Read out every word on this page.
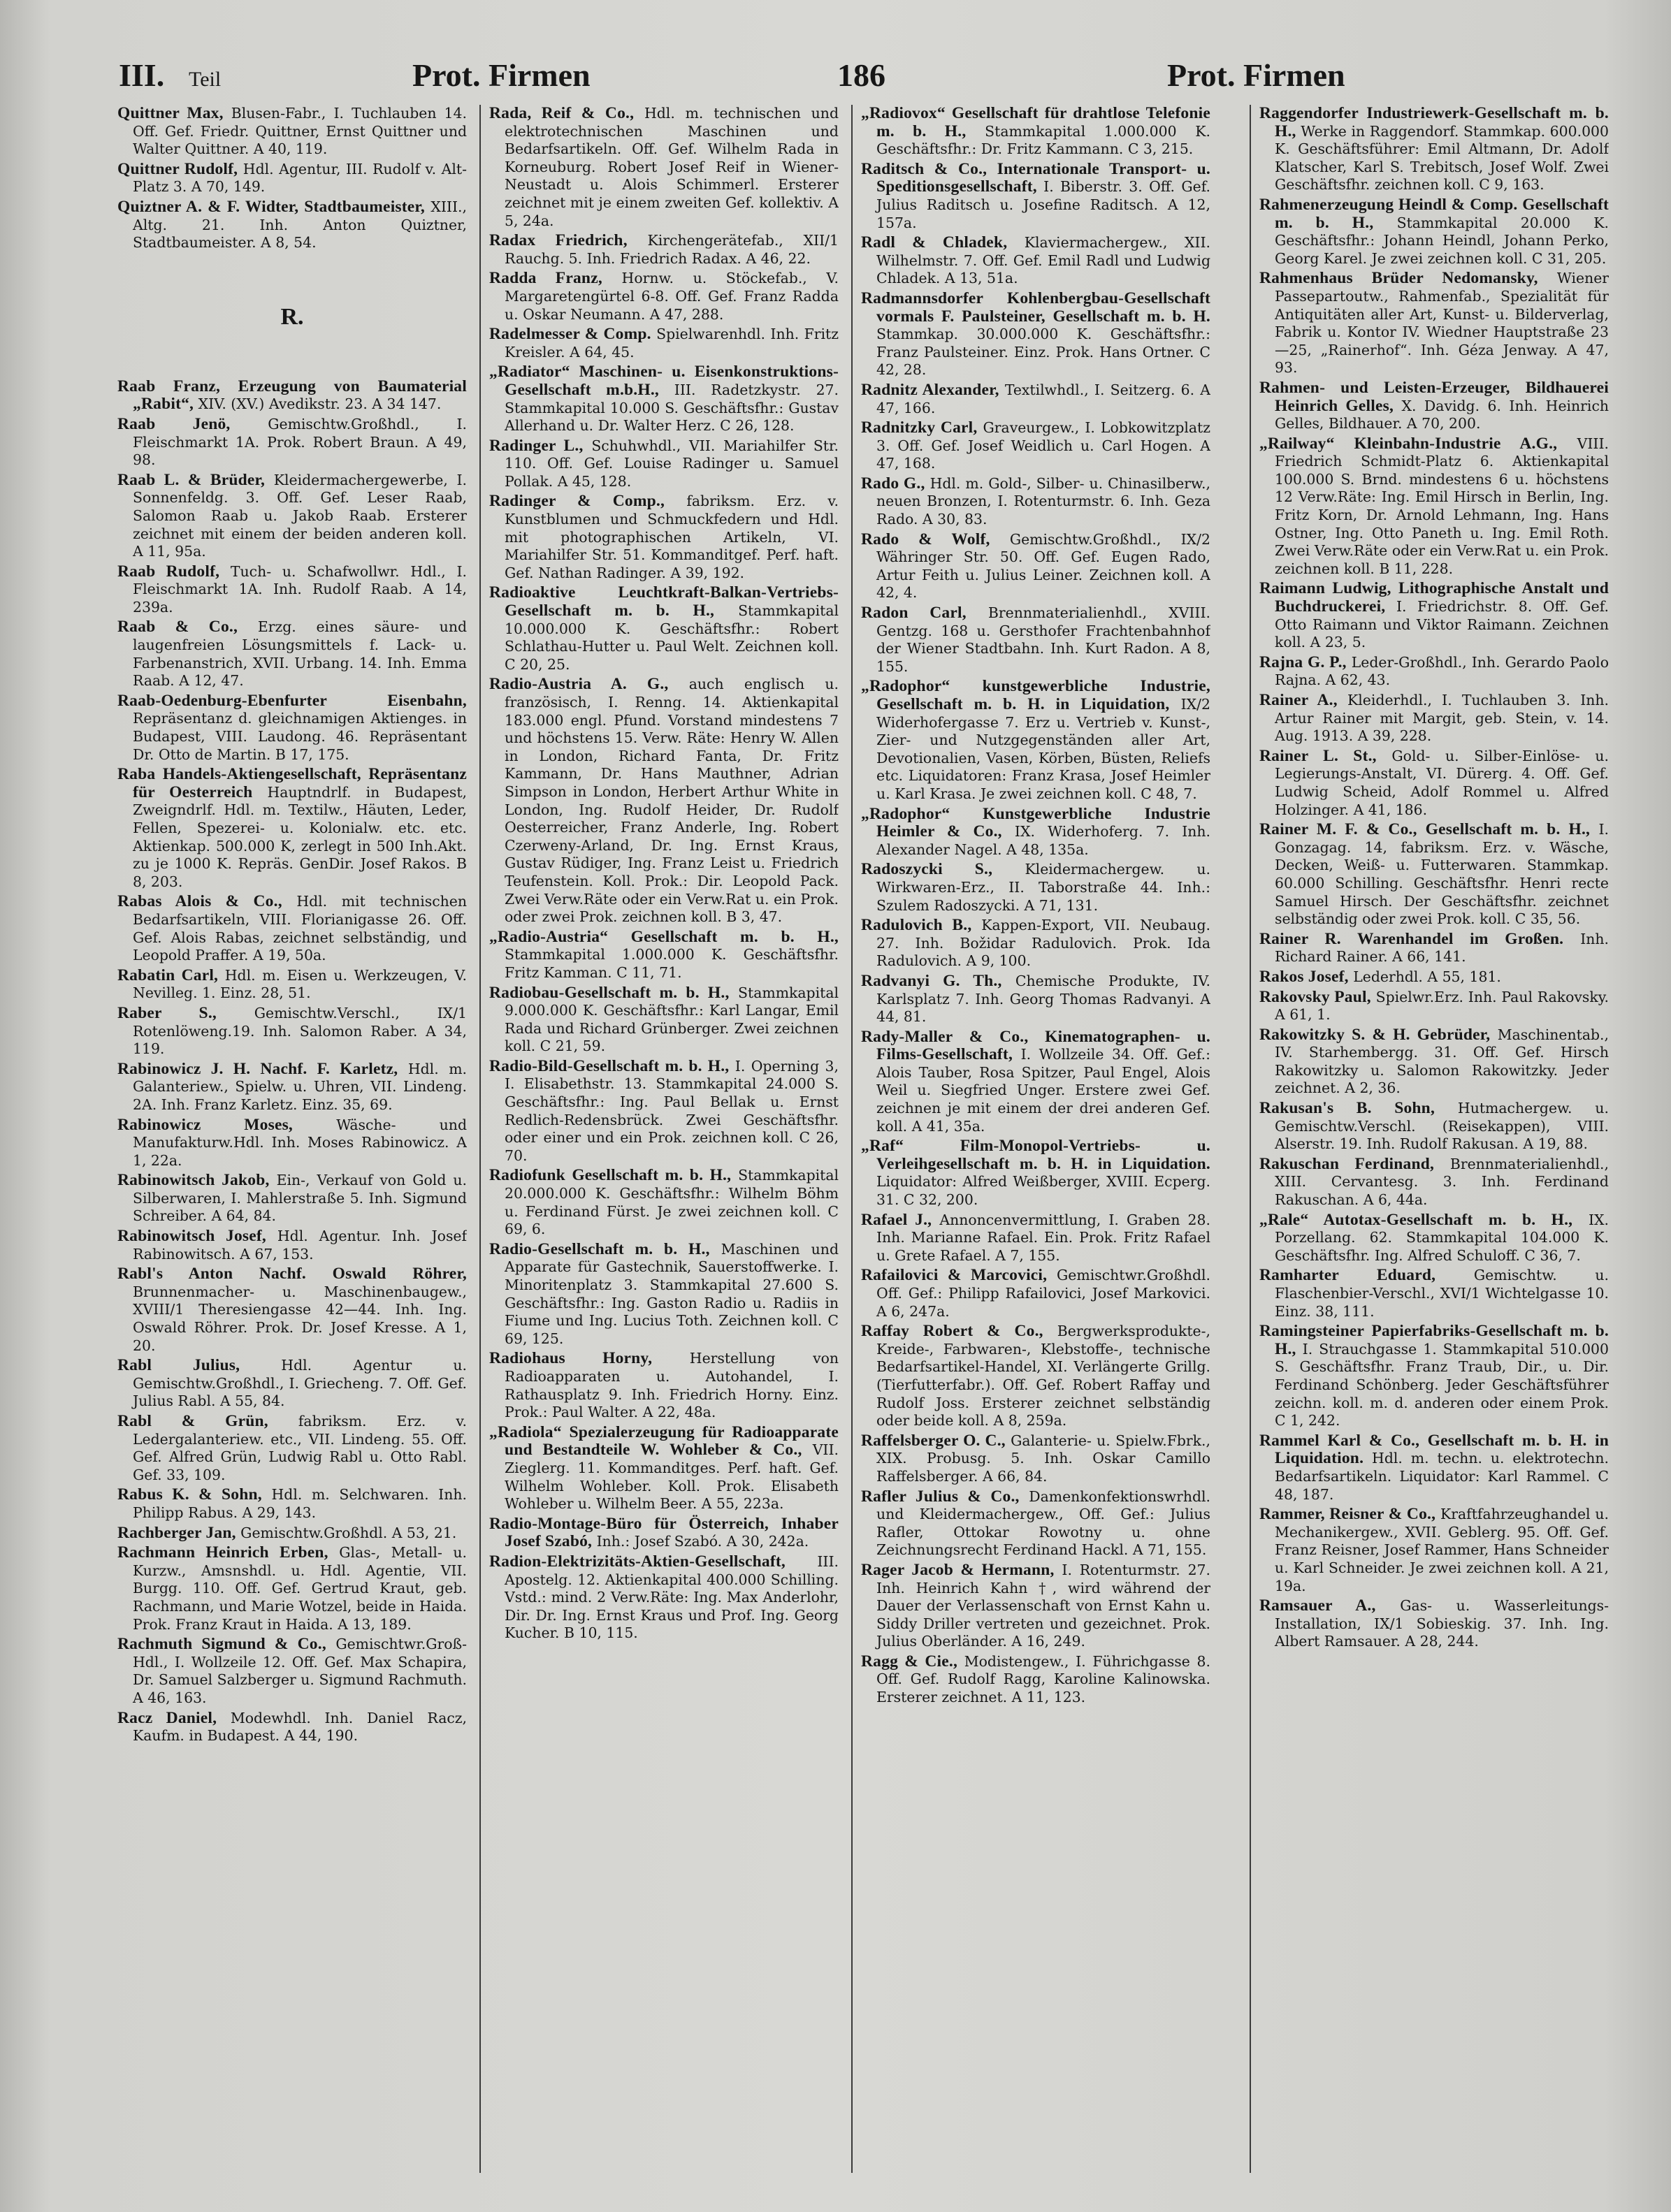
III. Teil	Prot. Firmen	186	Prot. Firmen

Quittner Max, Blusen-Fabr., I. Tuchlauben 14. Off. Gef. Friedr. Quittner, Ernst Quittner und Walter Quittner. A 40, 119.

Quittner Rudolf, Hdl. Agentur, III. Rudolf v. Alt-Platz 3. A 70, 149.

Quiztner A. & F. Widter, Stadtbaumeister, XIII., Altg. 21. Inh. Anton Quiztner, Stadtbaumeister. A 8, 54.

R.

Raab Franz, Erzeugung von Baumaterial „Rabit“, XIV. (XV.) Avedikstr. 23. A 34 147.

Raab Jenö,	Gemischtw.Großhdl., I. Fleischmarkt 1A. Prok. Robert Braun. A 49, 98.

Raab L. & Brüder, Kleidermachergewerbe, I. Sonnenfeldg. 3. Off. Gef. Leser Raab, Salomon Raab u. Jakob Raab. Ersterer zeichnet mit einem der beiden anderen koll. A 11, 95a.

Raab Rudolf, Tuch- u. Schafwollwr. Hdl., I. Fleischmarkt 1A. Inh. Rudolf Raab. A 14, 239a.

Raab & Co., Erzg. eines säure- und laugenfreien Lösungsmittels f. Lack- u. Farbenanstrich, XVII. Urbang. 14. Inh. Emma Raab. A 12, 47.

Raab-Oedenburg-Ebenfurter Eisenbahn, Repräsentanz d. gleichnamigen Aktienges. in Budapest, VIII. Laudong. 46. Repräsentant Dr. Otto de Martin. B 17, 175.

Raba Handels-Aktiengesellschaft, Repräsentanz für Oesterreich Hauptndrlf. in Budapest, Zweigndrlf. Hdl. m. Textilw., Häuten, Leder, Fellen, Spezerei- u. Kolonialw. etc. etc. Aktienkap. 500.000 K, zerlegt in 500 Inh.Akt. zu je 1000 K. Repräs. GenDir. Josef Rakos. B 8, 203.

Rabas Alois & Co., Hdl. mit technischen Bedarfsartikeln, VIII. Florianigasse 26. Off. Gef. Alois Rabas, zeichnet selbständig, und Leopold Praffer. A 19, 50a.

Rabatin Carl, Hdl. m. Eisen u. Werkzeugen, V. Nevilleg. 1. Einz. 28, 51.

Raber S.,	Gemischtw.Verschl., IX/1 Rotenlöweng.19. Inh. Salomon Raber. A 34, 119.

Rabinowicz J. H. Nachf. F. Karletz, Hdl. m. Galanteriew., Spielw. u. Uhren, VII. Lindeng. 2A. Inh. Franz Karletz. Einz. 35, 69.

Rabinowicz Moses,	Wäsche- und Manufakturw.Hdl. Inh. Moses Rabinowicz. A 1, 22a.

Rabinowitsch Jakob, Ein-, Verkauf von Gold u. Silberwaren, I. Mahlerstraße 5. Inh. Sigmund Schreiber. A 64, 84.

Rabinowitsch Josef, Hdl. Agentur. Inh. Josef Rabinowitsch. A 67, 153.

Rabl's Anton Nachf. Oswald Röhrer, Brunnenmacher- u. Maschinenbaugew., XVIII/1 Theresiengasse 42—44. Inh. Ing. Oswald Röhrer. Prok. Dr. Josef Kresse. A 1, 20.

Rabl Julius,	Hdl. Agentur u. Gemischtw.Großhdl., I. Griecheng. 7. Off. Gef. Julius Rabl. A 55, 84.

Rabl & Grün, fabriksm. Erz. v. Ledergalanteriew. etc., VII. Lindeng. 55. Off. Gef. Alfred Grün, Ludwig Rabl u. Otto Rabl. Gef. 33, 109.

Rabus K. & Sohn, Hdl. m. Selchwaren. Inh. Philipp Rabus. A 29, 143.

Rachberger Jan, Gemischtw.Großhdl. A 53, 21.

Rachmann Heinrich Erben, Glas-, Metall- u. Kurzw., Amsnshdl. u. Hdl. Agentie, VII. Burgg. 110. Off. Gef. Gertrud Kraut, geb. Rachmann, und Marie Wotzel, beide in Haida. Prok. Franz Kraut in Haida. A 13, 189.

Rachmuth Sigmund & Co., Gemischtwr.Groß-Hdl., I. Wollzeile 12. Off. Gef. Max Schapira, Dr. Samuel Salzberger u. Sigmund Rachmuth. A 46, 163.

Racz Daniel, Modewhdl. Inh. Daniel Racz, Kaufm. in Budapest. A 44, 190.

Rada, Reif & Co., Hdl. m. technischen und elektrotechnischen Maschinen und Bedarfsartikeln. Off. Gef. Wilhelm Rada in Korneuburg. Robert Josef Reif in Wiener-Neustadt u. Alois Schimmerl. Ersterer zeichnet mit je einem zweiten Gef. kollektiv. A 5, 24a.

Radax Friedrich, Kirchengerätefab., XII/1 Rauchg. 5. Inh. Friedrich Radax. A 46, 22.

Radda Franz, Hornw. u. Stöckefab., V. Margaretengürtel 6-8. Off. Gef. Franz Radda u. Oskar Neumann. A 47, 288.

Radelmesser & Comp. Spielwarenhdl. Inh. Fritz Kreisler. A 64, 45.

„Radiator“ Maschinen- u. Eisenkonstruktions-Gesellschaft m.b.H., III. Radetzkystr. 27. Stammkapital 10.000 S. Geschäftsfhr.: Gustav Allerhand u. Dr. Walter Herz. C 26, 128.

Radinger L., Schuhwhdl., VII. Mariahilfer Str. 110. Off. Gef. Louise Radinger u. Samuel Pollak. A 45, 128.

Radinger & Comp., fabriksm. Erz. v. Kunstblumen und Schmuckfedern und Hdl. mit photographischen Artikeln, VI. Mariahilfer Str. 51. Kommanditgef. Perf. haft. Gef. Nathan Radinger. A 39, 192.

Radioaktive Leuchtkraft-Balkan-Vertriebs-Gesellschaft m. b. H., Stammkapital 10.000.000 K. Geschäftsfhr.: Robert Schlathau-Hutter u. Paul Welt. Zeichnen koll. C 20, 25.

Radio-Austria A. G., auch englisch u. französisch, I. Renng. 14. Aktienkapital 183.000 engl. Pfund. Vorstand mindestens 7 und höchstens 15. Verw. Räte: Henry W. Allen in London, Richard Fanta, Dr. Fritz Kammann, Dr. Hans Mauthner, Adrian Simpson in London, Herbert Arthur White in London, Ing. Rudolf Heider, Dr. Rudolf Oesterreicher, Franz Anderle, Ing. Robert Czerweny-Arland, Dr. Ing. Ernst Kraus, Gustav Rüdiger, Ing. Franz Leist u. Friedrich Teufenstein. Koll. Prok.: Dir. Leopold Pack. Zwei Verw.Räte oder ein Verw.Rat u. ein Prok. oder zwei Prok. zeichnen koll. B 3, 47.

„Radio-Austria“ Gesellschaft m. b. H., Stammkapital 1.000.000 K. Geschäftsfhr. Fritz Kamman. C 11, 71.

Radiobau-Gesellschaft m. b. H., Stammkapital 9.000.000 K. Geschäftsfhr.: Karl Langar, Emil Rada und Richard Grünberger. Zwei zeichnen koll. C 21, 59.

Radio-Bild-Gesellschaft m. b. H., I. Operning 3, I. Elisabethstr. 13. Stammkapital 24.000 S. Geschäftsfhr.: Ing. Paul Bellak u. Ernst Redlich-Redensbrück. Zwei Geschäftsfhr. oder einer und ein Prok. zeichnen koll. C 26, 70.

Radiofunk Gesellschaft m. b. H., Stammkapital 20.000.000 K. Geschäftsfhr.: Wilhelm Böhm u. Ferdinand Fürst. Je zwei zeichnen koll. C 69, 6.

Radio-Gesellschaft m. b. H., Maschinen und Apparate für Gastechnik, Sauerstoffwerke. I. Minoritenplatz 3. Stammkapital 27.600 S. Geschäftsfhr.: Ing. Gaston Radio u. Radiis in Fiume und Ing. Lucius Toth. Zeichnen koll. C 69, 125.

Radiohaus Horny,	Herstellung von Radioapparaten u. Autohandel, I. Rathausplatz 9. Inh. Friedrich Horny. Einz. Prok.: Paul Walter. A 22, 48a.

„Radiola“ Spezialerzeugung für Radioapparate und Bestandteile W. Wohleber & Co., VII. Zieglerg. 11. Kommanditges. Perf. haft. Gef. Wilhelm Wohleber. Koll. Prok. Elisabeth Wohleber u. Wilhelm Beer. A 55, 223a.

Radio-Montage-Büro für Österreich, Inhaber Josef Szabó, Inh.: Josef Szabó. A 30, 242a.

Radion-Elektrizitäts-Aktien-Gesellschaft, III. Apostelg. 12. Aktienkapital 400.000 Schilling. Vstd.: mind. 2 Verw.Räte: Ing. Max Anderlohr, Dir. Dr. Ing. Ernst Kraus und Prof. Ing. Georg Kucher. B 10, 115.

„Radiovox“ Gesellschaft für drahtlose Telefonie m. b. H., Stammkapital 1.000.000 K. Geschäftsfhr.: Dr. Fritz Kammann. C 3, 215.

Raditsch & Co., Internationale Transport- u. Speditionsgesellschaft, I. Biberstr. 3. Off. Gef. Julius Raditsch u. Josefine Raditsch. A 12, 157a.

Radl & Chladek, Klaviermachergew., XII. Wilhelmstr. 7. Off. Gef. Emil Radl und Ludwig Chladek. A 13, 51a.

Radmannsdorfer Kohlenbergbau-Gesellschaft vormals F. Paulsteiner, Gesellschaft m. b. H. Stammkap. 30.000.000 K. Geschäftsfhr.: Franz Paulsteiner. Einz. Prok. Hans Ortner. C 42, 28.

Radnitz Alexander, Textilwhdl., I. Seitzerg. 6. A 47, 166.

Radnitzky Carl, Graveurgew., I. Lobkowitzplatz 3. Off. Gef. Josef Weidlich u. Carl Hogen. A 47, 168.

Rado G., Hdl. m. Gold-, Silber- u. Chinasilberw., neuen Bronzen, I. Rotenturmstr. 6. Inh. Geza Rado. A 30, 83.

Rado & Wolf, Gemischtw.Großhdl., IX/2 Währinger Str. 50. Off. Gef. Eugen Rado, Artur Feith u. Julius Leiner. Zeichnen koll. A 42, 4.

Radon Carl, Brennmaterialienhdl., XVIII. Gentzg. 168 u. Gersthofer Frachtenbahnhof der Wiener Stadtbahn. Inh. Kurt Radon. A 8, 155.

„Radophor“ kunstgewerbliche Industrie, Gesellschaft m. b. H. in Liquidation, IX/2 Widerhofergasse 7. Erz u. Vertrieb v. Kunst-, Zier- und Nutzgegenständen aller Art, Devotionalien, Vasen, Körben, Büsten, Reliefs etc. Liquidatoren: Franz Krasa, Josef Heimler u. Karl Krasa. Je zwei zeichnen koll. C 48, 7.

„Radophor“ Kunstgewerbliche Industrie Heimler & Co., IX. Widerhoferg. 7. Inh. Alexander Nagel. A 48, 135a.

Radoszycki S., Kleidermachergew. u. Wirkwaren-Erz., II. Taborstraße 44. Inh.: Szulem Radoszycki. A 71, 131.

Radulovich B., Kappen-Export, VII. Neubaug. 27. Inh. Božidar Radulovich. Prok. Ida Radulovich. A 9, 100.

Radvanyi G. Th., Chemische Produkte, IV. Karlsplatz 7. Inh. Georg Thomas Radvanyi. A 44, 81.

Rady-Maller & Co., Kinematographen- u. Films-Gesellschaft, I. Wollzeile 34. Off. Gef.: Alois Tauber, Rosa Spitzer, Paul Engel, Alois Weil u. Siegfried Unger. Erstere zwei Gef. zeichnen je mit einem der drei anderen Gef. koll. A 41, 35a.

„Raf“ Film-Monopol-Vertriebs- u. Verleihgesellschaft m. b. H. in Liquidation. Liquidator: Alfred Weißberger, XVIII. Ecperg. 31. C 32, 200.

Rafael J., Annoncenvermittlung, I. Graben 28. Inh. Marianne Rafael. Ein. Prok. Fritz Rafael u. Grete Rafael. A 7, 155.

Rafailovici & Marcovici, Gemischtwr.Großhdl. Off. Gef.: Philipp Rafailovici, Josef Markovici. A 6, 247a.

Raffay Robert & Co., Bergwerksprodukte-, Kreide-, Farbwaren-, Klebstoffe-, technische Bedarfsartikel-Handel, XI. Verlängerte Grillg. (Tierfutterfabr.). Off. Gef. Robert Raffay und Rudolf Joss. Ersterer zeichnet selbständig oder beide koll. A 8, 259a.

Raffelsberger O. C., Galanterie- u. Spielw.Fbrk., XIX. Probusg. 5. Inh. Oskar Camillo Raffelsberger. A 66, 84.

Rafler Julius & Co., Damenkonfektionswrhdl. und Kleidermachergew., Off. Gef.: Julius Rafler, Ottokar Rowotny u. ohne Zeichnungsrecht Ferdinand Hackl. A 71, 155.

Rager Jacob & Hermann, I. Rotenturmstr. 27. Inh. Heinrich Kahn †, wird während der Dauer der Verlassenschaft von Ernst Kahn u. Siddy Driller vertreten und gezeichnet. Prok. Julius Oberländer. A 16, 249.

Ragg & Cie., Modistengew., I. Führichgasse 8. Off. Gef. Rudolf Ragg, Karoline Kalinowska. Ersterer zeichnet. A 11, 123.

Raggendorfer Industriewerk-Gesellschaft m. b. H., Werke in Raggendorf. Stammkap. 600.000 K. Geschäftsführer: Emil Altmann, Dr. Adolf Klatscher, Karl S. Trebitsch, Josef Wolf. Zwei Geschäftsfhr. zeichnen koll. C 9, 163.

Rahmenerzeugung Heindl & Comp. Gesellschaft m. b. H., Stammkapital 20.000 K. Geschäftsfhr.: Johann Heindl, Johann Perko, Georg Karel. Je zwei zeichnen koll. C 31, 205.

Rahmenhaus Brüder Nedomansky, Wiener Passepartoutw., Rahmenfab., Spezialität für Antiquitäten aller Art, Kunst- u. Bilderverlag, Fabrik u. Kontor IV. Wiedner Hauptstraße 23—25, „Rainerhof“. Inh. Géza Jenway. A 47, 93.

Rahmen- und Leisten-Erzeuger, Bildhauerei Heinrich Gelles, X. Davidg. 6. Inh. Heinrich Gelles, Bildhauer. A 70, 200.

„Railway“ Kleinbahn-Industrie A.G., VIII. Friedrich Schmidt-Platz 6. Aktienkapital 100.000 S. Brnd. mindestens 6 u. höchstens 12 Verw.Räte: Ing. Emil Hirsch in Berlin, Ing. Fritz Korn, Dr. Arnold Lehmann, Ing. Hans Ostner, Ing. Otto Paneth u. Ing. Emil Roth. Zwei Verw.Räte oder ein Verw.Rat u. ein Prok. zeichnen koll. B 11, 228.

Raimann Ludwig, Lithographische Anstalt und Buchdruckerei, I. Friedrichstr. 8. Off. Gef. Otto Raimann und Viktor Raimann. Zeichnen koll. A 23, 5.

Rajna G. P., Leder-Großhdl., Inh. Gerardo Paolo Rajna. A 62, 43.

Rainer A., Kleiderhdl., I. Tuchlauben 3. Inh. Artur Rainer mit Margit, geb. Stein, v. 14. Aug. 1913. A 39, 228.

Rainer L. St., Gold- u. Silber-Einlöse- u. Legierungs-Anstalt, VI. Dürerg. 4. Off. Gef. Ludwig Scheid, Adolf Rommel u. Alfred Holzinger. A 41, 186.

Rainer M. F. & Co., Gesellschaft m. b. H., I. Gonzagag. 14, fabriksm. Erz. v. Wäsche, Decken, Weiß- u. Futterwaren. Stammkap. 60.000 Schilling. Geschäftsfhr. Henri recte Samuel Hirsch. Der Geschäftsfhr. zeichnet selbständig oder zwei Prok. koll. C 35, 56.

Rainer R. Warenhandel im Großen. Inh. Richard Rainer. A 66, 141.

Rakos Josef, Lederhdl. A 55, 181.

Rakovsky Paul, Spielwr.Erz. Inh. Paul Rakovsky. A 61, 1.

Rakowitzky S. & H. Gebrüder, Maschinentab., IV. Starhembergg. 31. Off. Gef. Hirsch Rakowitzky u. Salomon Rakowitzky. Jeder zeichnet. A 2, 36.

Rakusan's B. Sohn, Hutmachergew. u. Gemischtw.Verschl. (Reisekappen), VIII. Alserstr. 19. Inh. Rudolf Rakusan. A 19, 88.

Rakuschan Ferdinand, Brennmaterialienhdl., XIII. Cervantesg. 3. Inh. Ferdinand Rakuschan. A 6, 44a.

„Rale“ Autotax-Gesellschaft m. b. H., IX. Porzellang. 62. Stammkapital 104.000 K. Geschäftsfhr. Ing. Alfred Schuloff. C 36, 7.

Ramharter Eduard,	Gemischtw. u. Flaschenbier-Verschl., XVI/1 Wichtelgasse 10. Einz. 38, 111.

Ramingsteiner Papierfabriks-Gesellschaft m. b. H., I. Strauchgasse 1. Stammkapital 510.000 S. Geschäftsfhr. Franz Traub, Dir., u. Dir. Ferdinand Schönberg. Jeder Geschäftsführer zeichn. koll. m. d. anderen oder einem Prok. C 1, 242.

Rammel Karl & Co., Gesellschaft m. b. H. in Liquidation. Hdl. m. techn. u. elektrotechn. Bedarfsartikeln. Liquidator: Karl Rammel. C 48, 187.

Rammer, Reisner & Co., Kraftfahrzeughandel u. Mechanikergew., XVII. Geblerg. 95. Off. Gef. Franz Reisner, Josef Rammer, Hans Schneider u. Karl Schneider. Je zwei zeichnen koll. A 21, 19a.

Ramsauer A., Gas- u. Wasserleitungs-Installation, IX/1 Sobieskig. 37. Inh. Ing. Albert Ramsauer. A 28, 244.
